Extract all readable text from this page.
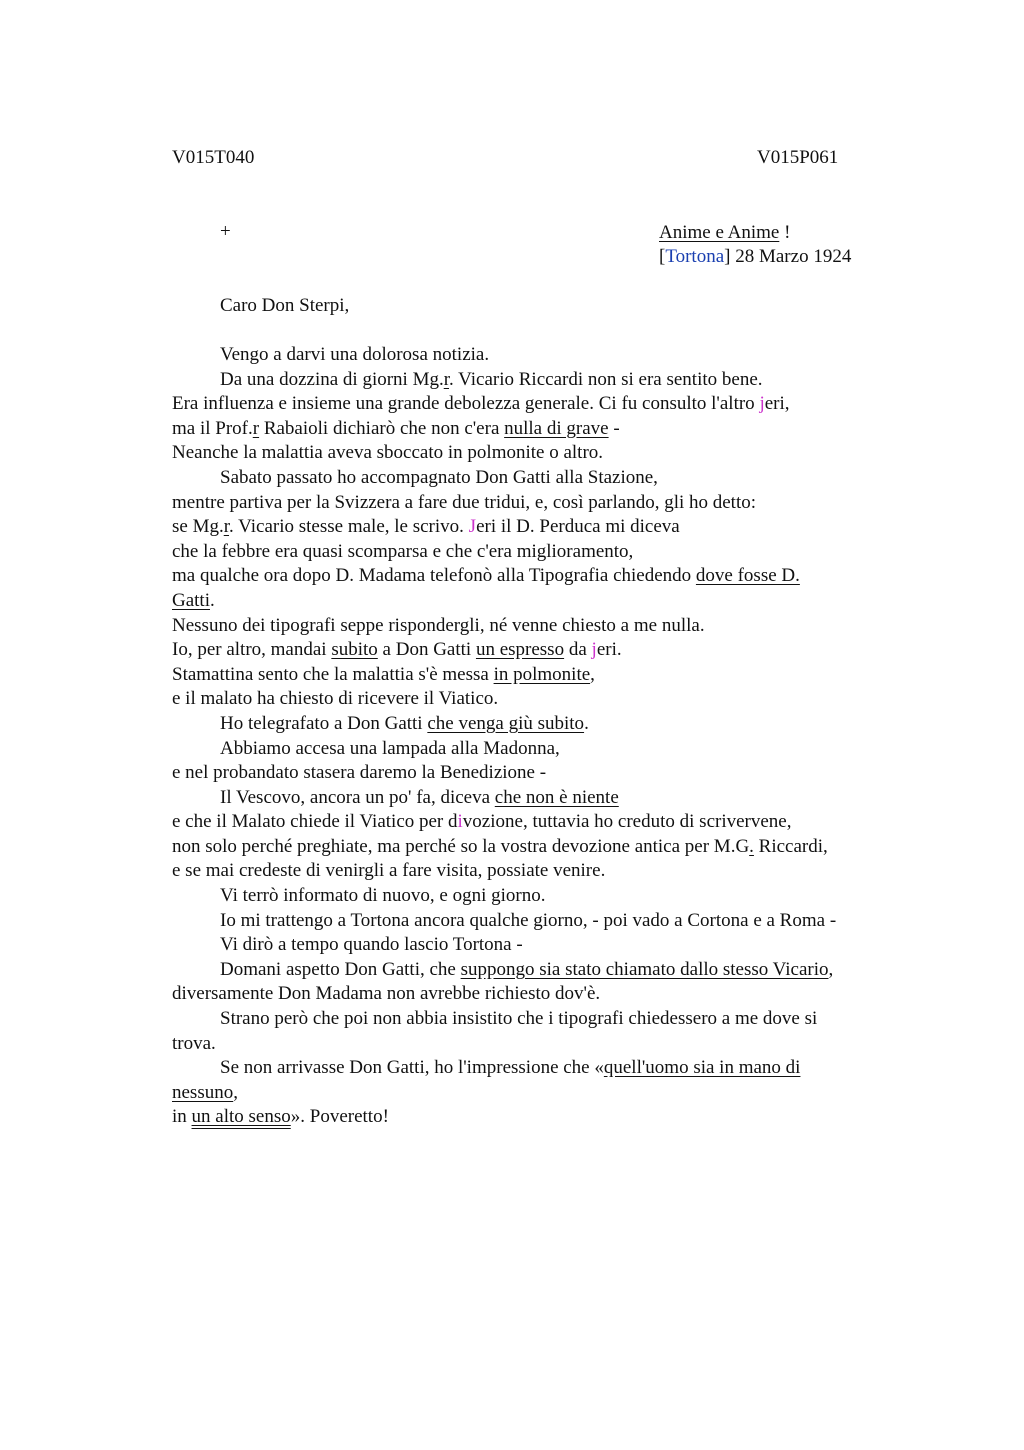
V015T040	V015P061
+	Anime e Anime !
[Tortona] 28 Marzo 1924
Caro Don Sterpi,
Vengo a darvi una dolorosa notizia.
Da una dozzina di giorni Mg.r. Vicario Riccardi non si era sentito bene.
Era influenza e insieme una grande debolezza generale. Ci fu consulto l'altro jeri,
ma il Prof.r Rabaioli dichiarò che non c'era nulla di grave -
Neanche la malattia aveva sboccato in polmonite o altro.
Sabato passato ho accompagnato Don Gatti alla Stazione,
mentre partiva per la Svizzera a fare due tridui, e, così parlando, gli ho detto:
se Mg.r. Vicario stesse male, le scrivo. Jeri il D. Perduca mi diceva
che la febbre era quasi scomparsa e che c'era miglioramento,
ma qualche ora dopo D. Madama telefonò alla Tipografia chiedendo dove fosse D.
Gatti.
Nessuno dei tipografi seppe rispondergli, né venne chiesto a me nulla.
Io, per altro, mandai subito a Don Gatti un espresso da jeri.
Stamattina sento che la malattia s'è messa in polmonite,
e il malato ha chiesto di ricevere il Viatico.
Ho telegrafato a Don Gatti che venga giù subito.
Abbiamo accesa una lampada alla Madonna,
e nel probandato stasera daremo la Benedizione -
Il Vescovo, ancora un po' fa, diceva che non è niente
e che il Malato chiede il Viatico per divozione, tuttavia ho creduto di scrivervene,
non solo perché preghiate, ma perché so la vostra devozione antica per M.G. Riccardi,
e se mai credeste di venirgli a fare visita, possiate venire.
Vi terrò informato di nuovo, e ogni giorno.
Io mi trattengo a Tortona ancora qualche giorno, - poi vado a Cortona e a Roma -
Vi dirò a tempo quando lascio Tortona -
Domani aspetto Don Gatti, che suppongo sia stato chiamato dallo stesso Vicario,
diversamente Don Madama non avrebbe richiesto dov'è.
Strano però che poi non abbia insistito che i tipografi chiedessero a me dove si
trova.
Se non arrivasse Don Gatti, ho l'impressione che «quell'uomo sia in mano di
nessuno,
in un alto senso». Poveretto!
